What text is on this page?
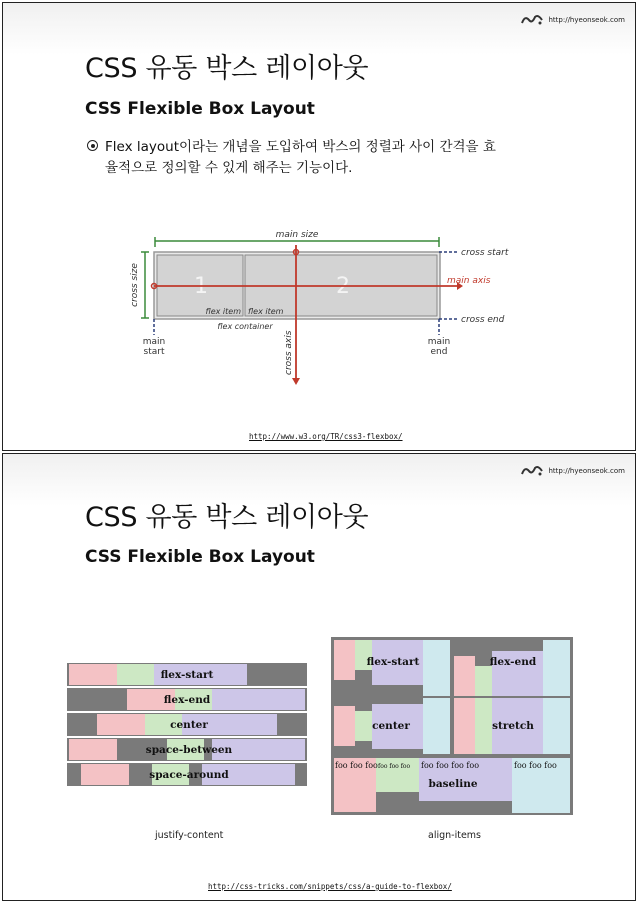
http://hyeonseok.com
CSS 유동 박스 레이아웃
CSS Flexible Box Layout
Flex layout이라는 개념을 도입하여 박스의 정렬과 사이 간격을 효
율적으로 정의할 수 있게 해주는 기능이다.
main size
cross size 1	2
cross start
cross end
main axis
cross axis
flex item flex item
flex container
main
start
main
end
http://www.w3.org/TR/css3-flexbox/
http://hyeonseok.com
CSS 유동 박스 레이아웃
CSS Flexible Box Layout
flex-start
flex-end
center
space-between
space-around
justify-content
flex-start	flex-end
center	stretch
foo foo foo foo foo foo foo foo foo foo	foo foo foo
baseline
align-items
http://css-tricks.com/snippets/css/a-guide-to-flexbox/
